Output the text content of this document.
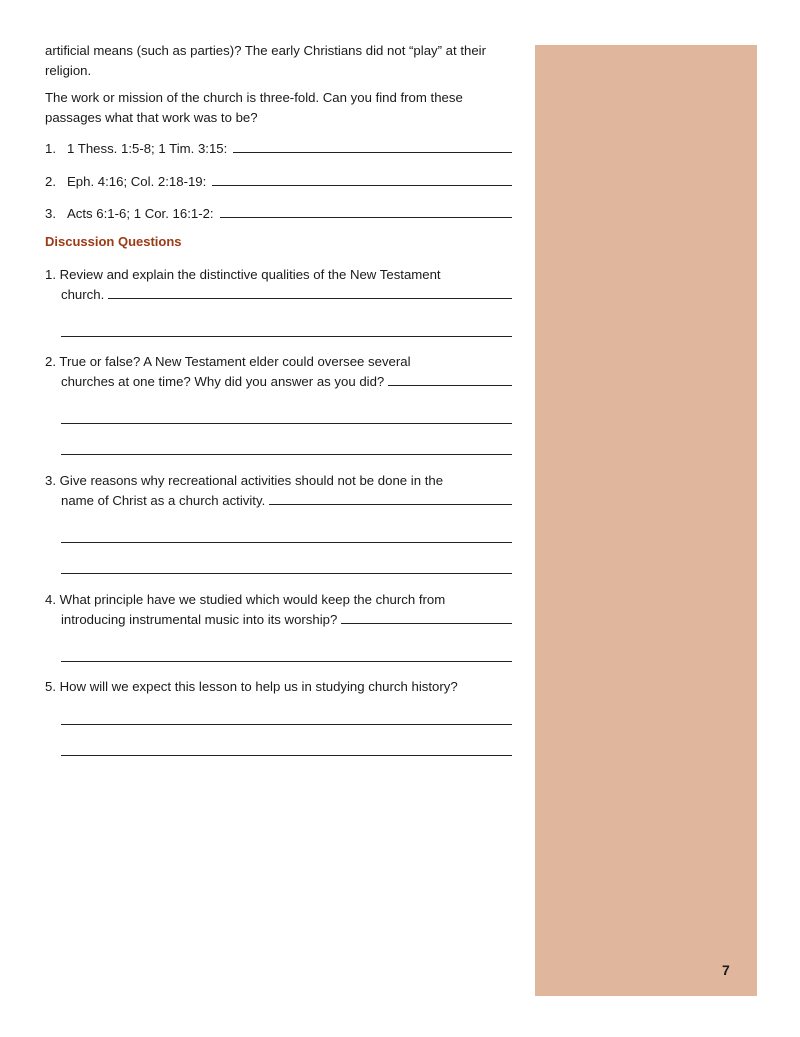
7

artificial means (such as parties)? The early Christians did not “play” at their religion.

The work or mission of the church is three-fold. Can you find from these passages what that work was to be?

1. 1 Thess. 1:5-8; 1 Tim. 3:15:
2. Eph. 4:16; Col. 2:18-19:
3. Acts 6:1-6; 1 Cor. 16:1-2:
Discussion Questions
1. Review and explain the distinctive qualities of the New Testament
church.
2. True or false? A New Testament elder could oversee several
churches at one time? Why did you answer as you did?
3. Give reasons why recreational activities should not be done in the
name of Christ as a church activity.
4. What principle have we studied which would keep the church from
introducing instrumental music into its worship?
5. How will we expect this lesson to help us in studying church history?
